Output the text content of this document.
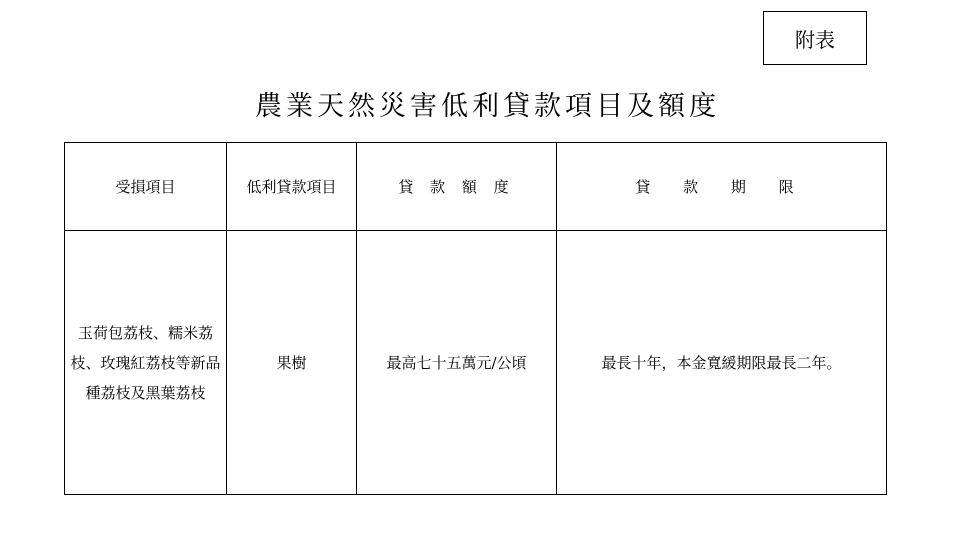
附表
農業天然災害低利貸款項目及額度
受損項目	低利貸款項目	貸 款 額 度	貸 款 期 限
玉荷包荔枝、糯米荔枝、玫瑰紅荔枝等新品種荔枝及黑葉荔枝	果樹	最高七十五萬元/公頃	最長十年，本金寬緩期限最長二年。
